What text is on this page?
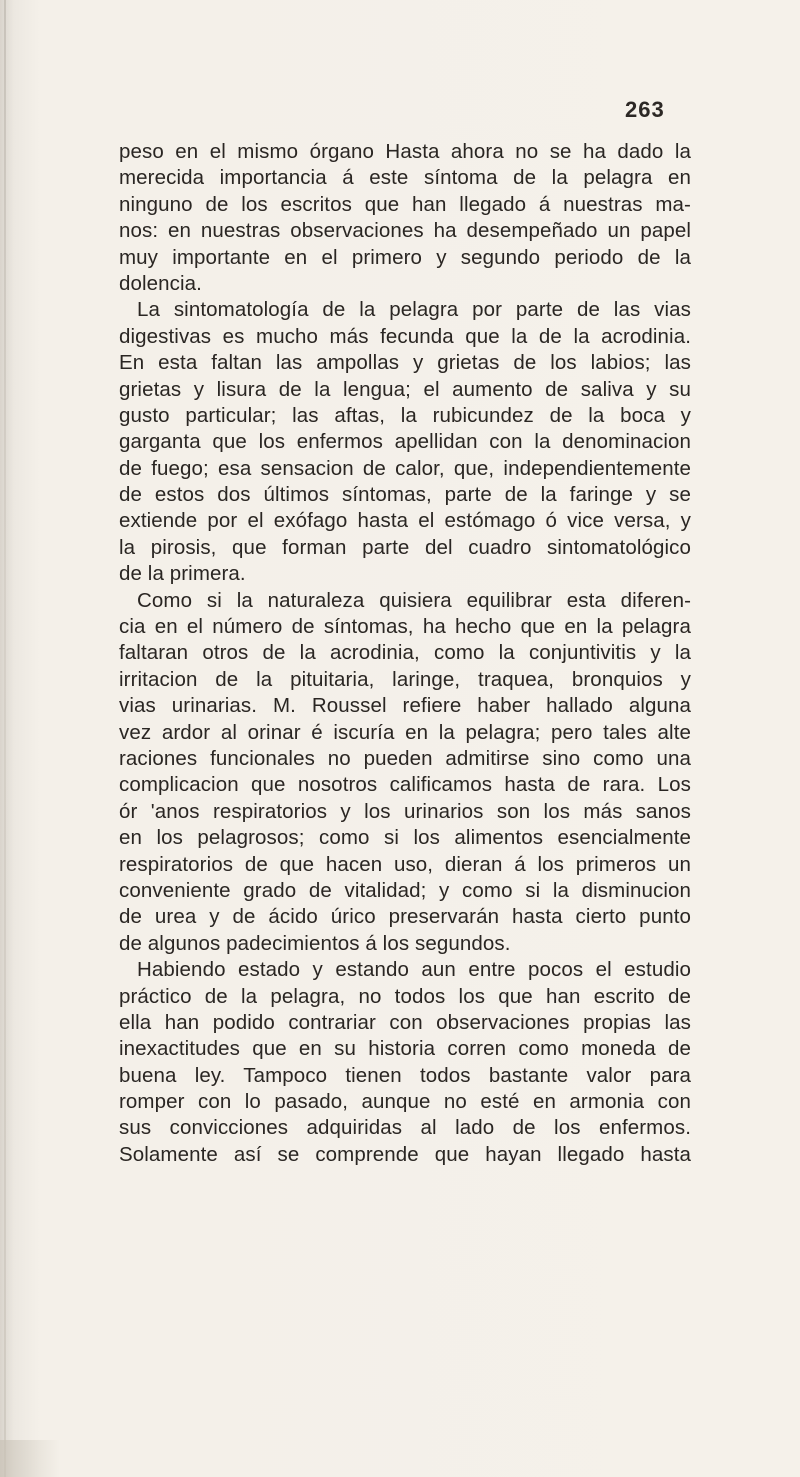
263
peso en el mismo órgano Hasta ahora no se ha dado la
merecida importancia á este síntoma de la pelagra en
ninguno de los escritos que han llegado á nuestras ma-
nos: en nuestras observaciones ha desempeñado un papel
muy importante en el primero y segundo periodo de la
dolencia.
La sintomatología de la pelagra por parte de las vias
digestivas es mucho más fecunda que la de la acrodinia.
En esta faltan las ampollas y grietas de los labios; las
grietas y lisura de la lengua; el aumento de saliva y su
gusto particular; las aftas, la rubicundez de la boca y
garganta que los enfermos apellidan con la denominacion
de fuego; esa sensacion de calor, que, independientemente
de estos dos últimos síntomas, parte de la faringe y se
extiende por el exófago hasta el estómago ó vice versa, y
la pirosis, que forman parte del cuadro sintomatológico
de la primera.
Como si la naturaleza quisiera equilibrar esta diferen-
cia en el número de síntomas, ha hecho que en la pelagra
faltaran otros de la acrodinia, como la conjuntivitis y la
irritacion de la pituitaria, laringe, traquea, bronquios y
vias urinarias. M. Roussel refiere haber hallado alguna
vez ardor al orinar é iscuría en la pelagra; pero tales alte
raciones funcionales no pueden admitirse sino como una
complicacion que nosotros calificamos hasta de rara. Los
ór 'anos respiratorios y los urinarios son los más sanos
en los pelagrosos; como si los alimentos esencialmente
respiratorios de que hacen uso, dieran á los primeros un
conveniente grado de vitalidad; y como si la disminucion
de urea y de ácido úrico preservarán hasta cierto punto
de algunos padecimientos á los segundos.
Habiendo estado y estando aun entre pocos el estudio
práctico de la pelagra, no todos los que han escrito de
ella han podido contrariar con observaciones propias las
inexactitudes que en su historia corren como moneda de
buena ley. Tampoco tienen todos bastante valor para
romper con lo pasado, aunque no esté en armonia con
sus convicciones adquiridas al lado de los enfermos.
Solamente así se comprende que hayan llegado hasta
